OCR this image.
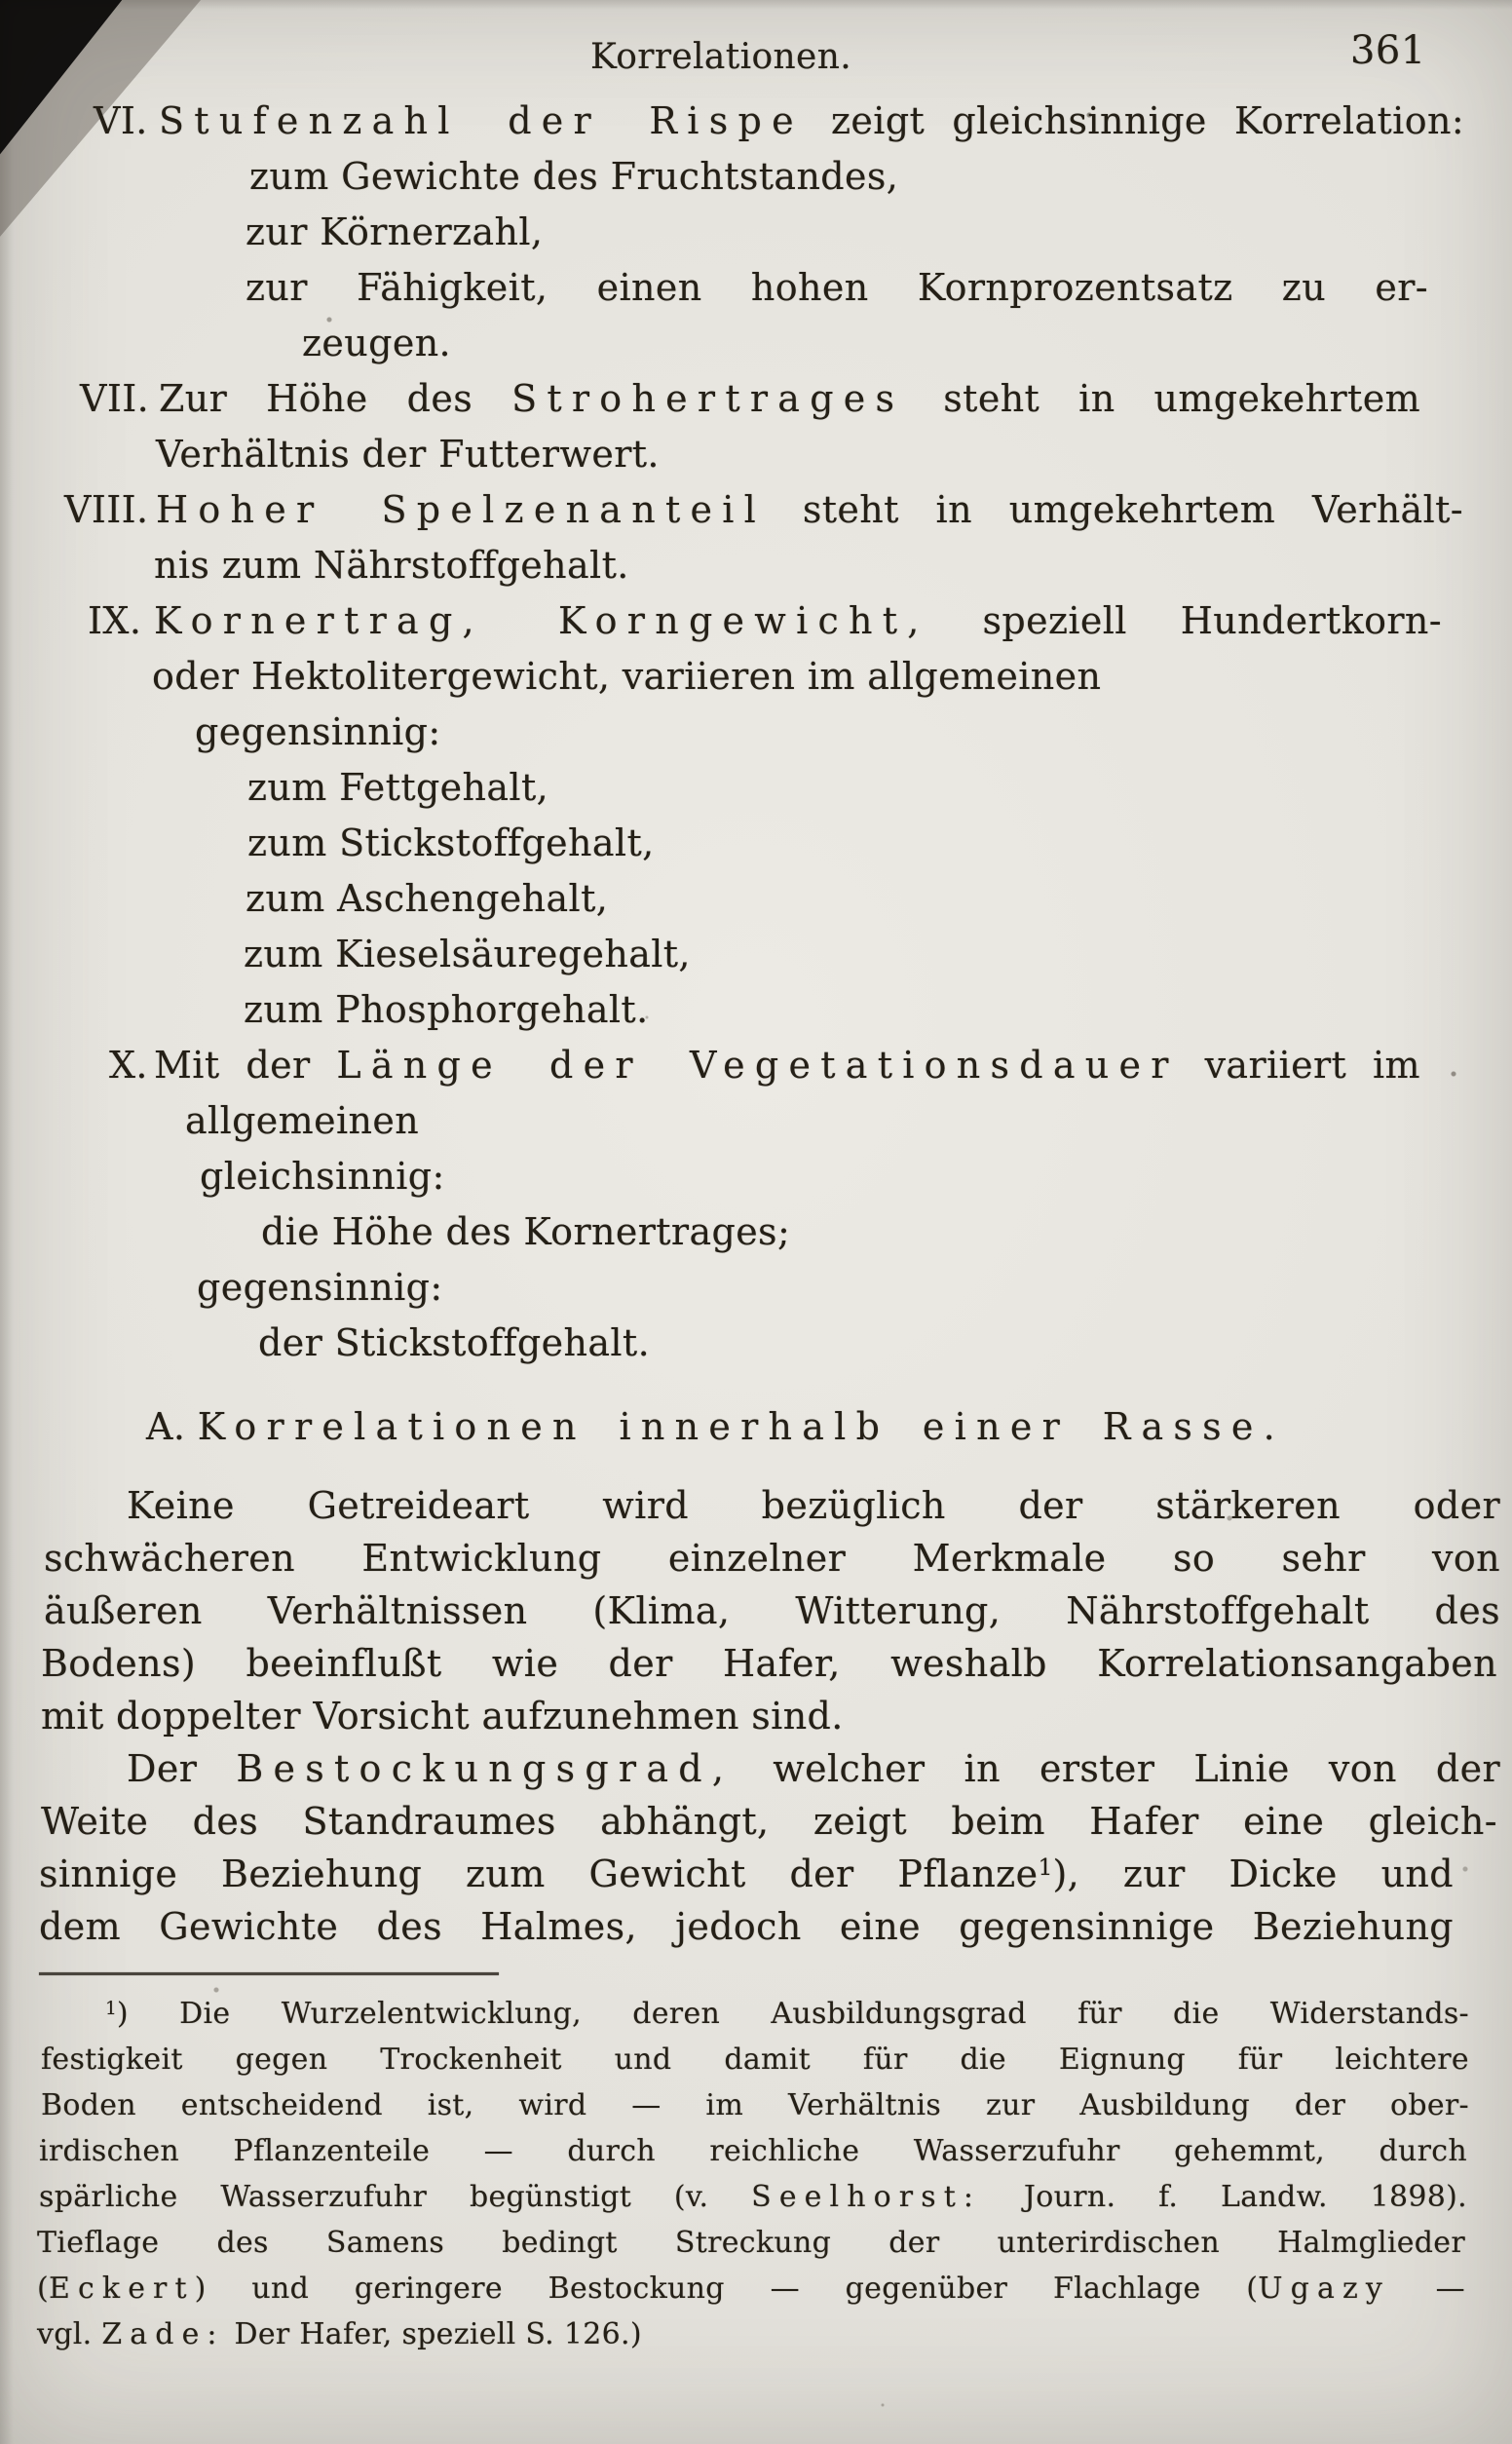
Korrelationen.	361
VI. Stufenzahl der Rispe zeigt gleichsinnige Korrelation:
zum Gewichte des Fruchtstandes,
zur Körnerzahl,
zur Fähigkeit, einen hohen Kornprozentsatz zu er-
zeugen.
VII. Zur Höhe des Strohertrages steht in umgekehrtem
Verhältnis der Futterwert.
VIII. Hoher Spelzenanteil steht in umgekehrtem Verhält-
nis zum Nährstoffgehalt.
IX. Kornertrag, Korngewicht, speziell Hundertkorn-
oder Hektolitergewicht, variieren im allgemeinen
gegensinnig:
zum Fettgehalt,
zum Stickstoffgehalt,
zum Aschengehalt,
zum Kieselsäuregehalt,
zum Phosphorgehalt.
X. Mit der Länge der Vegetationsdauer variiert im
allgemeinen
gleichsinnig:
die Höhe des Kornertrages;
gegensinnig:
der Stickstoffgehalt.
A. Korrelationen innerhalb einer Rasse.
Keine Getreideart wird bezüglich der stärkeren oder
schwächeren Entwicklung einzelner Merkmale so sehr von
äußeren Verhältnissen (Klima, Witterung, Nährstoffgehalt des
Bodens) beeinflußt wie der Hafer, weshalb Korrelationsangaben
mit doppelter Vorsicht aufzunehmen sind.
Der Bestockungsgrad, welcher in erster Linie von der
Weite des Standraumes abhängt, zeigt beim Hafer eine gleich-
sinnige Beziehung zum Gewicht der Pflanze$^1$), zur Dicke und
dem Gewichte des Halmes, jedoch eine gegensinnige Beziehung
$^1$) Die Wurzelentwicklung, deren Ausbildungsgrad für die Widerstands-
festigkeit gegen Trockenheit und damit für die Eignung für leichtere
Boden entscheidend ist, wird — im Verhältnis zur Ausbildung der ober-
irdischen Pflanzenteile — durch reichliche Wasserzufuhr gehemmt, durch
spärliche Wasserzufuhr begünstigt (v. Seelhorst: Journ. f. Landw. 1898).
Tieflage des Samens bedingt Streckung der unterirdischen Halmglieder
(Eckert) und geringere Bestockung — gegenüber Flachlage (Ugazy —
vgl. Zade: Der Hafer, speziell S. 126.)
